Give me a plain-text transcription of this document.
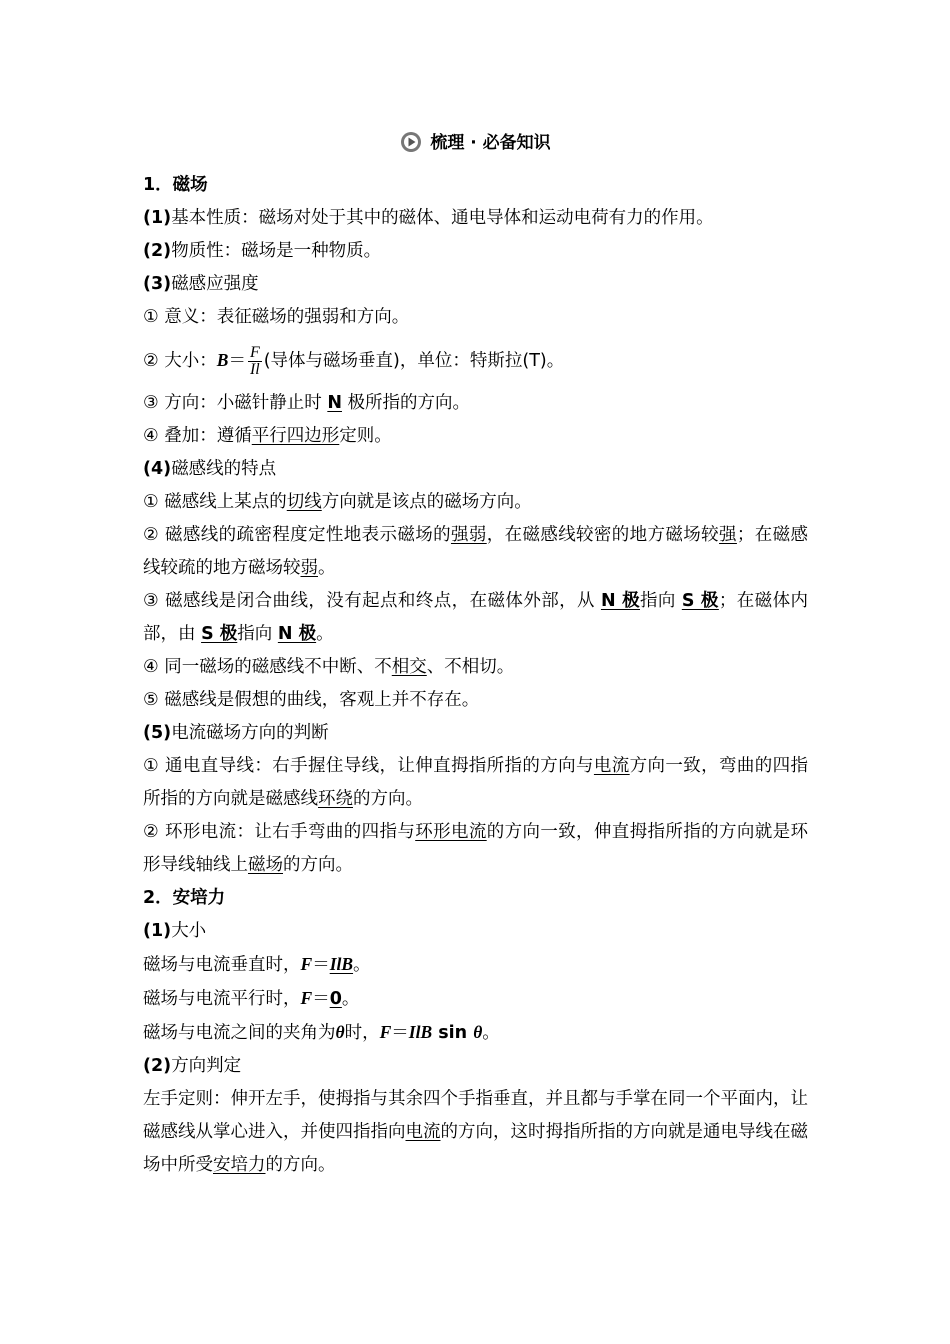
梳理 · 必备知识
1．磁场
(1)基本性质：磁场对处于其中的磁体、通电导体和运动电荷有力的作用。
(2)物质性：磁场是一种物质。
(3)磁感应强度
① 意义：表征磁场的强弱和方向。
② 大小：$B= \frac{F}{Il}$ (导体与磁场垂直)，单位：特斯拉(T)。
③ 方向：小磁针静止时 N 极所指的方向。
④ 叠加：遵循平行四边形定则。
(4)磁感线的特点
① 磁感线上某点的切线方向就是该点的磁场方向。
② 磁感线的疏密程度定性地表示磁场的强弱，在磁感线较密的地方磁场较强；在磁感线较疏的地方磁场较弱。
③ 磁感线是闭合曲线，没有起点和终点，在磁体外部，从 N 极指向 S 极；在磁体内部，由 S 极指向 N 极。
④ 同一磁场的磁感线不中断、不相交、不相切。
⑤ 磁感线是假想的曲线，客观上并不存在。
(5)电流磁场方向的判断
① 通电直导线：右手握住导线，让伸直拇指所指的方向与电流方向一致，弯曲的四指所指的方向就是磁感线环绕的方向。
② 环形电流：让右手弯曲的四指与环形电流的方向一致，伸直拇指所指的方向就是环形导线轴线上磁场的方向。
2．安培力
(1)大小
磁场与电流垂直时，F＝IlB。
磁场与电流平行时，F＝0。
磁场与电流之间的夹角为θ时，F＝IlB sin θ。
(2)方向判定
左手定则：伸开左手，使拇指与其余四个手指垂直，并且都与手掌在同一个平面内，让磁感线从掌心进入，并使四指指向电流的方向，这时拇指所指的方向就是通电导线在磁场中所受安培力的方向。
